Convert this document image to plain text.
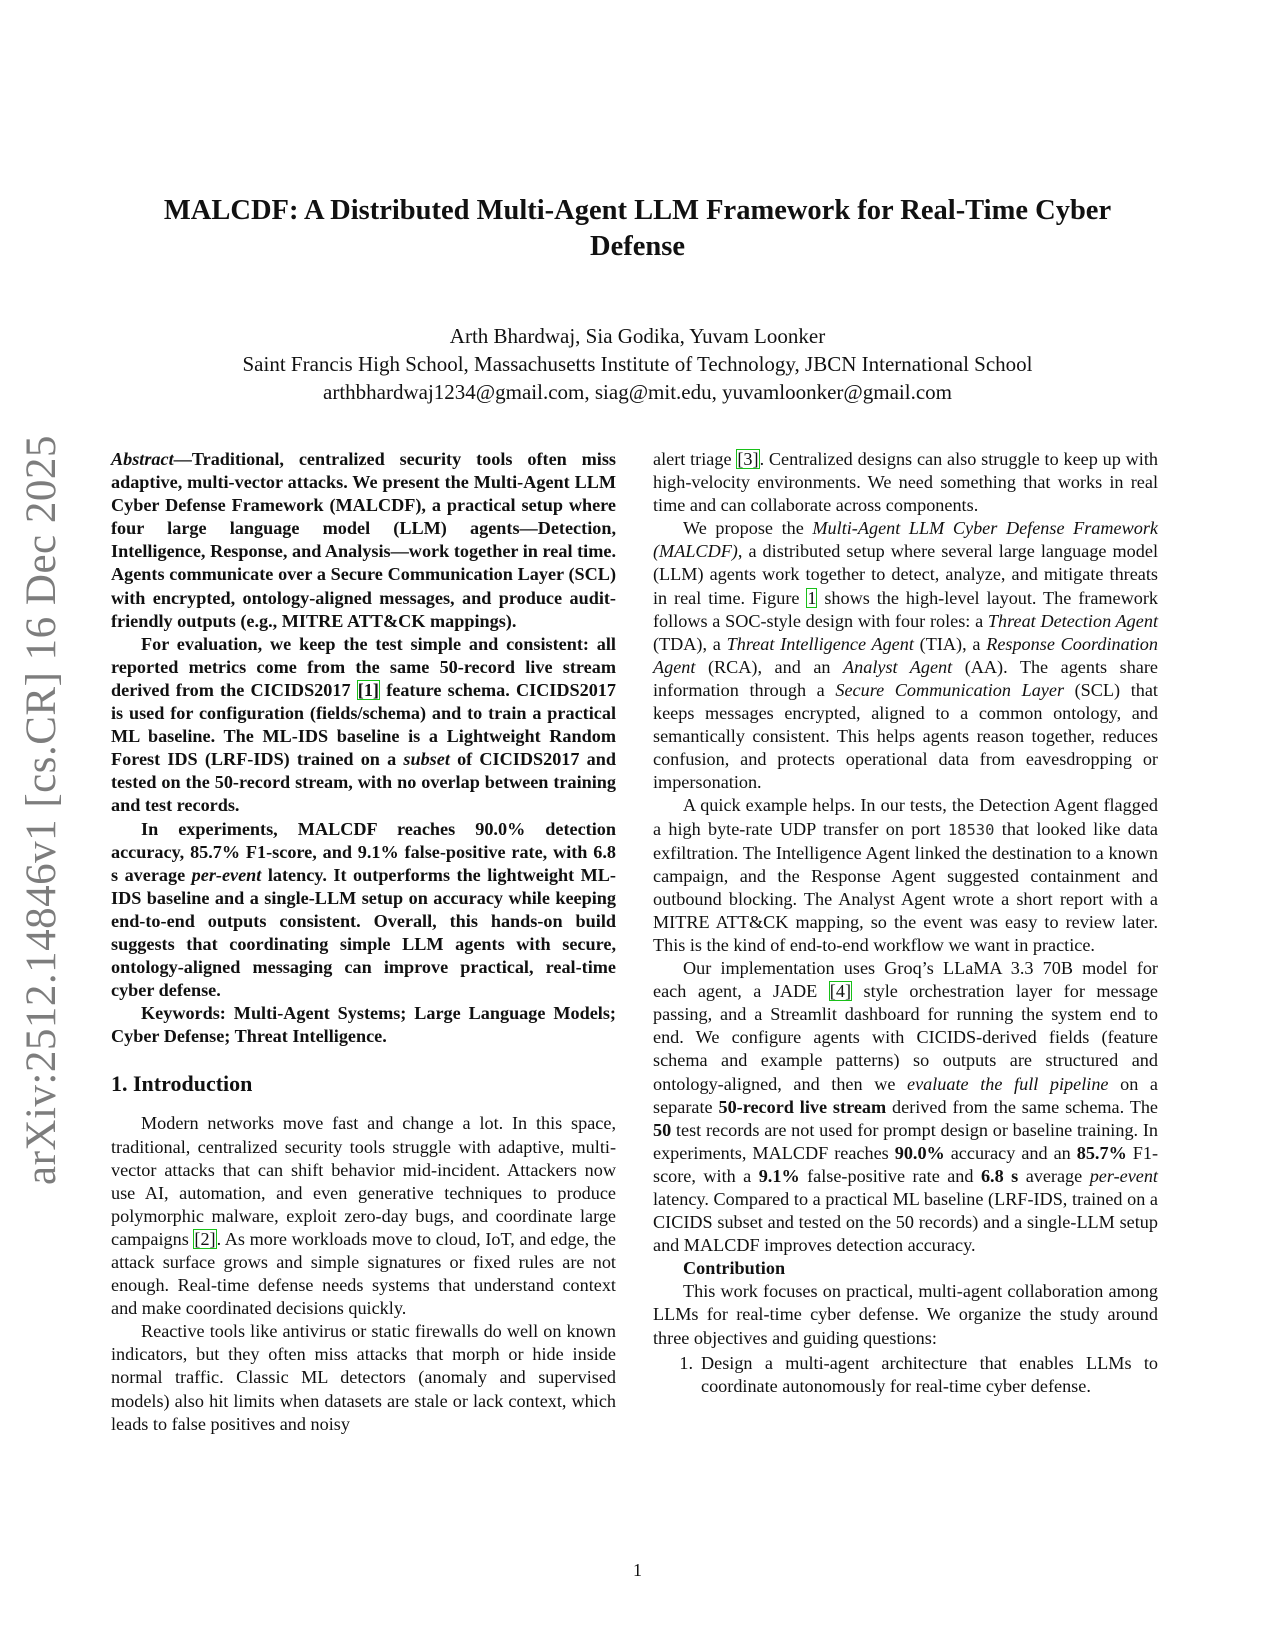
arXiv:2512.14846v1 [cs.CR] 16 Dec 2025
MALCDF: A Distributed Multi-Agent LLM Framework for Real-Time Cyber Defense
Arth Bhardwaj, Sia Godika, Yuvam Loonker
Saint Francis High School, Massachusetts Institute of Technology, JBCN International School
arthbhardwaj1234@gmail.com, siag@mit.edu, yuvamloonker@gmail.com

Abstract—Traditional, centralized security tools often miss adaptive, multi-vector attacks. We present the Multi-Agent LLM Cyber Defense Framework (MALCDF), a practical setup where four large language model (LLM) agents—Detection, Intelligence, Response, and Analysis—work together in real time. Agents communicate over a Secure Communication Layer (SCL) with encrypted, ontology-aligned messages, and produce audit-friendly outputs (e.g., MITRE ATT&CK mappings).

For evaluation, we keep the test simple and consistent: all reported metrics come from the same 50-record live stream derived from the CICIDS2017 [1] feature schema. CICIDS2017 is used for configuration (fields/schema) and to train a practical ML baseline. The ML-IDS baseline is a Lightweight Random Forest IDS (LRF-IDS) trained on a subset of CICIDS2017 and tested on the 50-record stream, with no overlap between training and test records.

In experiments, MALCDF reaches 90.0% detection accuracy, 85.7% F1-score, and 9.1% false-positive rate, with 6.8 s average per-event latency. It outperforms the lightweight ML-IDS baseline and a single-LLM setup on accuracy while keeping end-to-end outputs consistent. Overall, this hands-on build suggests that coordinating simple LLM agents with secure, ontology-aligned messaging can improve practical, real-time cyber defense.

Keywords: Multi-Agent Systems; Large Language Models; Cyber Defense; Threat Intelligence.

1. Introduction

Modern networks move fast and change a lot. In this space, traditional, centralized security tools struggle with adaptive, multi-vector attacks that can shift behavior mid-incident. Attackers now use AI, automation, and even generative techniques to produce polymorphic malware, exploit zero-day bugs, and coordinate large campaigns [2]. As more workloads move to cloud, IoT, and edge, the attack surface grows and simple signatures or fixed rules are not enough. Real-time defense needs systems that understand context and make coordinated decisions quickly.

Reactive tools like antivirus or static firewalls do well on known indicators, but they often miss attacks that morph or hide inside normal traffic. Classic ML detectors (anomaly and supervised models) also hit limits when datasets are stale or lack context, which leads to false positives and noisy

alert triage [3]. Centralized designs can also struggle to keep up with high-velocity environments. We need something that works in real time and can collaborate across components.

We propose the Multi-Agent LLM Cyber Defense Framework (MALCDF), a distributed setup where several large language model (LLM) agents work together to detect, analyze, and mitigate threats in real time. Figure 1 shows the high-level layout. The framework follows a SOC-style design with four roles: a Threat Detection Agent (TDA), a Threat Intelligence Agent (TIA), a Response Coordination Agent (RCA), and an Analyst Agent (AA). The agents share information through a Secure Communication Layer (SCL) that keeps messages encrypted, aligned to a common ontology, and semantically consistent. This helps agents reason together, reduces confusion, and protects operational data from eavesdropping or impersonation.

A quick example helps. In our tests, the Detection Agent flagged a high byte-rate UDP transfer on port 18530 that looked like data exfiltration. The Intelligence Agent linked the destination to a known campaign, and the Response Agent suggested containment and outbound blocking. The Analyst Agent wrote a short report with a MITRE ATT&CK mapping, so the event was easy to review later. This is the kind of end-to-end workflow we want in practice.

Our implementation uses Groq’s LLaMA 3.3 70B model for each agent, a JADE [4] style orchestration layer for message passing, and a Streamlit dashboard for running the system end to end. We configure agents with CICIDS-derived fields (feature schema and example patterns) so outputs are structured and ontology-aligned, and then we evaluate the full pipeline on a separate 50-record live stream derived from the same schema. The 50 test records are not used for prompt design or baseline training. In experiments, MALCDF reaches 90.0% accuracy and an 85.7% F1-score, with a 9.1% false-positive rate and 6.8 s average per-event latency. Compared to a practical ML baseline (LRF-IDS, trained on a CICIDS subset and tested on the 50 records) and a single-LLM setup and MALCDF improves detection accuracy.

Contribution

This work focuses on practical, multi-agent collaboration among LLMs for real-time cyber defense. We organize the study around three objectives and guiding questions:

1. Design a multi-agent architecture that enables LLMs to coordinate autonomously for real-time cyber defense.
1
